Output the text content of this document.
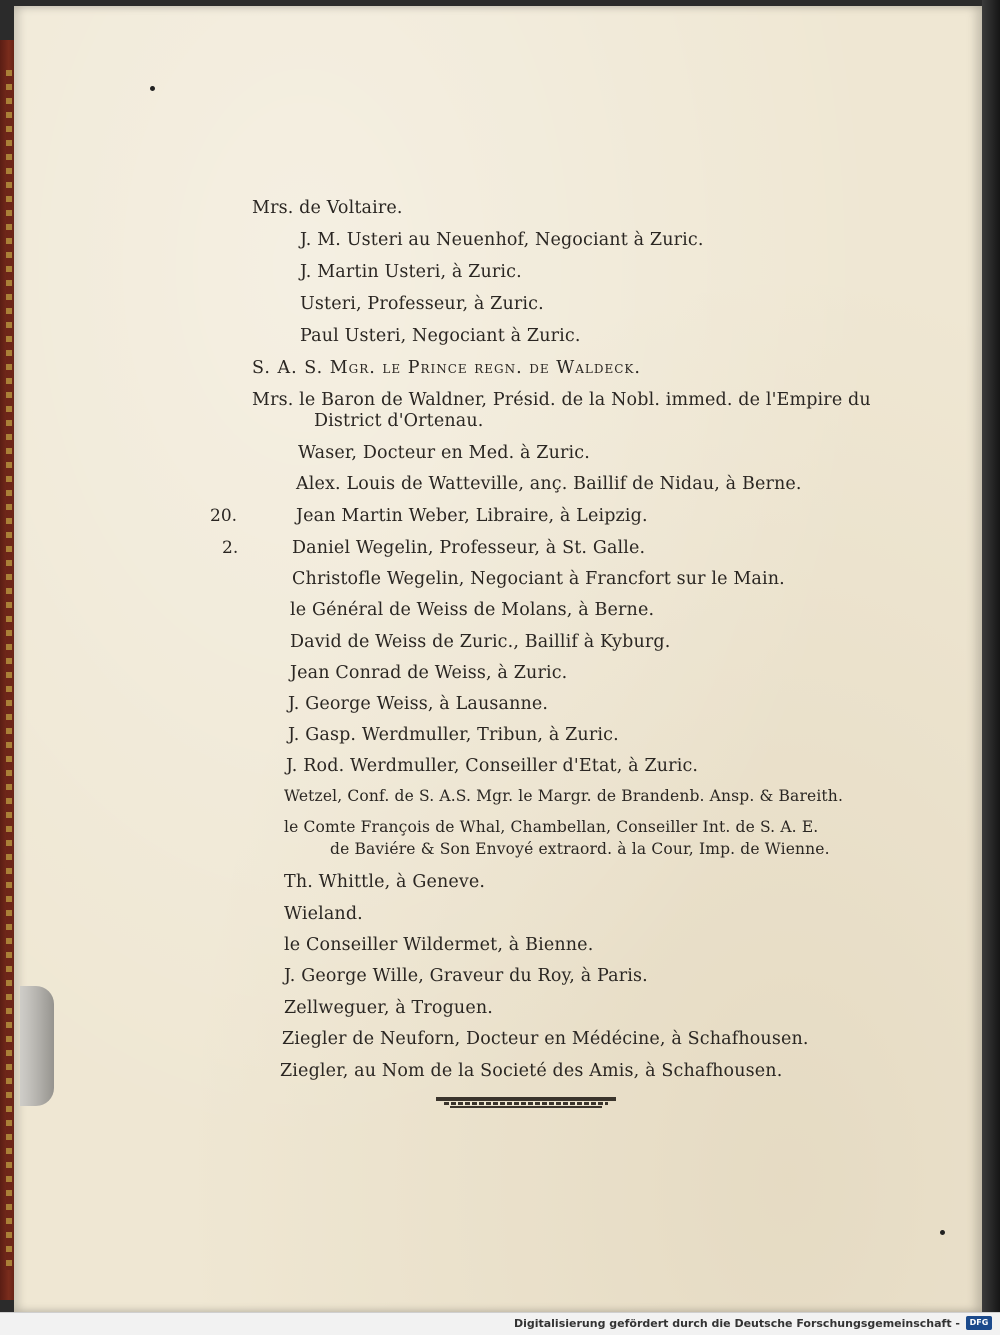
Mrs. de Voltaire.
J. M. Usteri au Neuenhof, Negociant à Zuric.
J. Martin Usteri, à Zuric.
Usteri, Professeur, à Zuric.
Paul Usteri, Negociant à Zuric.
S. A. S. Mgr. le Prince regn. de Waldeck.
Mrs. le Baron de Waldner, Présid. de la Nobl. immed. de l'Empire du
District d'Ortenau.
Waser, Docteur en Med. à Zuric.
Alex. Louis de Watteville, anç. Baillif de Nidau, à Berne.
20.	Jean Martin Weber, Libraire, à Leipzig.
2.	Daniel Wegelin, Professeur, à St. Galle.
Christofle Wegelin, Negociant à Francfort sur le Main.
le Général de Weiss de Molans, à Berne.
David de Weiss de Zuric., Baillif à Kyburg.
Jean Conrad de Weiss, à Zuric.
J. George Weiss, à Lausanne.
J. Gasp. Werdmuller, Tribun, à Zuric.
J. Rod. Werdmuller, Conseiller d'Etat, à Zuric.
Wetzel, Conf. de S. A.S. Mgr. le Margr. de Brandenb. Ansp. & Bareith.
le Comte François de Whal, Chambellan, Conseiller Int. de S. A. E.
de Baviére & Son Envoyé extraord. à la Cour, Imp. de Wienne.
Th. Whittle, à Geneve.
Wieland.
le Conseiller Wildermet, à Bienne.
J. George Wille, Graveur du Roy, à Paris.
Zellweguer, à Troguen.
Ziegler de Neuforn, Docteur en Médécine, à Schafhousen.
Ziegler, au Nom de la Societé des Amis, à Schafhousen.
Digitalisierung gefördert durch die Deutsche Forschungsgemeinschaft -	DFG
